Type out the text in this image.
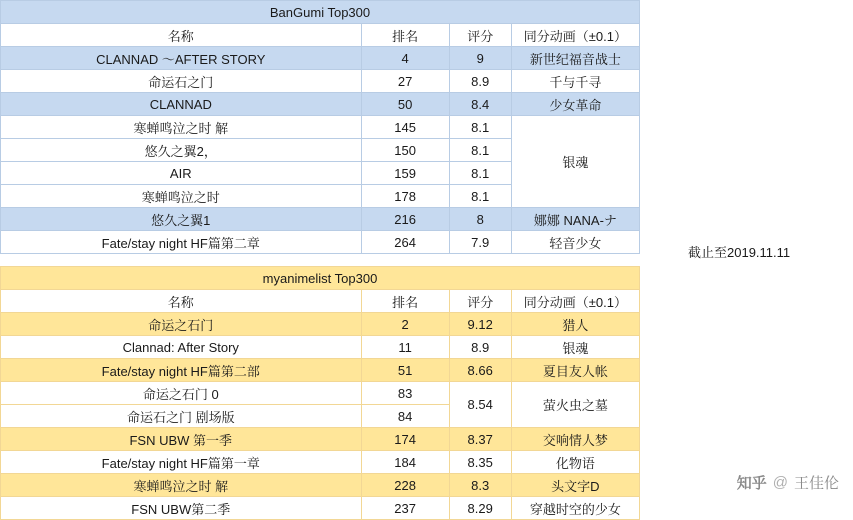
BanGumi Top300			
名称	排名	评分	同分动画（±0.1）
CLANNAD ～AFTER STORY	4	9	新世纪福音战士
命运石之门	27	8.9	千与千寻
CLANNAD	50	8.4	少女革命
寒蝉鸣泣之时 解	145	8.1	银魂
悠久之翼2，	150	8.1	
AIR	159	8.1	
寒蝉鸣泣之时	178	8.1	
悠久之翼1	216	8	娜娜 NANA-ナ
Fate/stay night HF篇第二章	264	7.9	轻音少女
myanimelist Top300			
名称	排名	评分	同分动画（±0.1）
命运之石门	2	9.12	猎人
Clannad: After Story	11	8.9	银魂
Fate/stay night HF篇第二部	51	8.66	夏目友人帐
命运之石门 0	83	8.54	萤火虫之墓
命运石之门 剧场版	84		
FSN UBW 第一季	174	8.37	交响情人梦
Fate/stay night HF篇第一章	184	8.35	化物语
寒蝉鸣泣之时 解	228	8.3	头文字D
FSN UBW第二季	237	8.29	穿越时空的少女
截止至2019.11.11
知乎 @ 王佳伦
